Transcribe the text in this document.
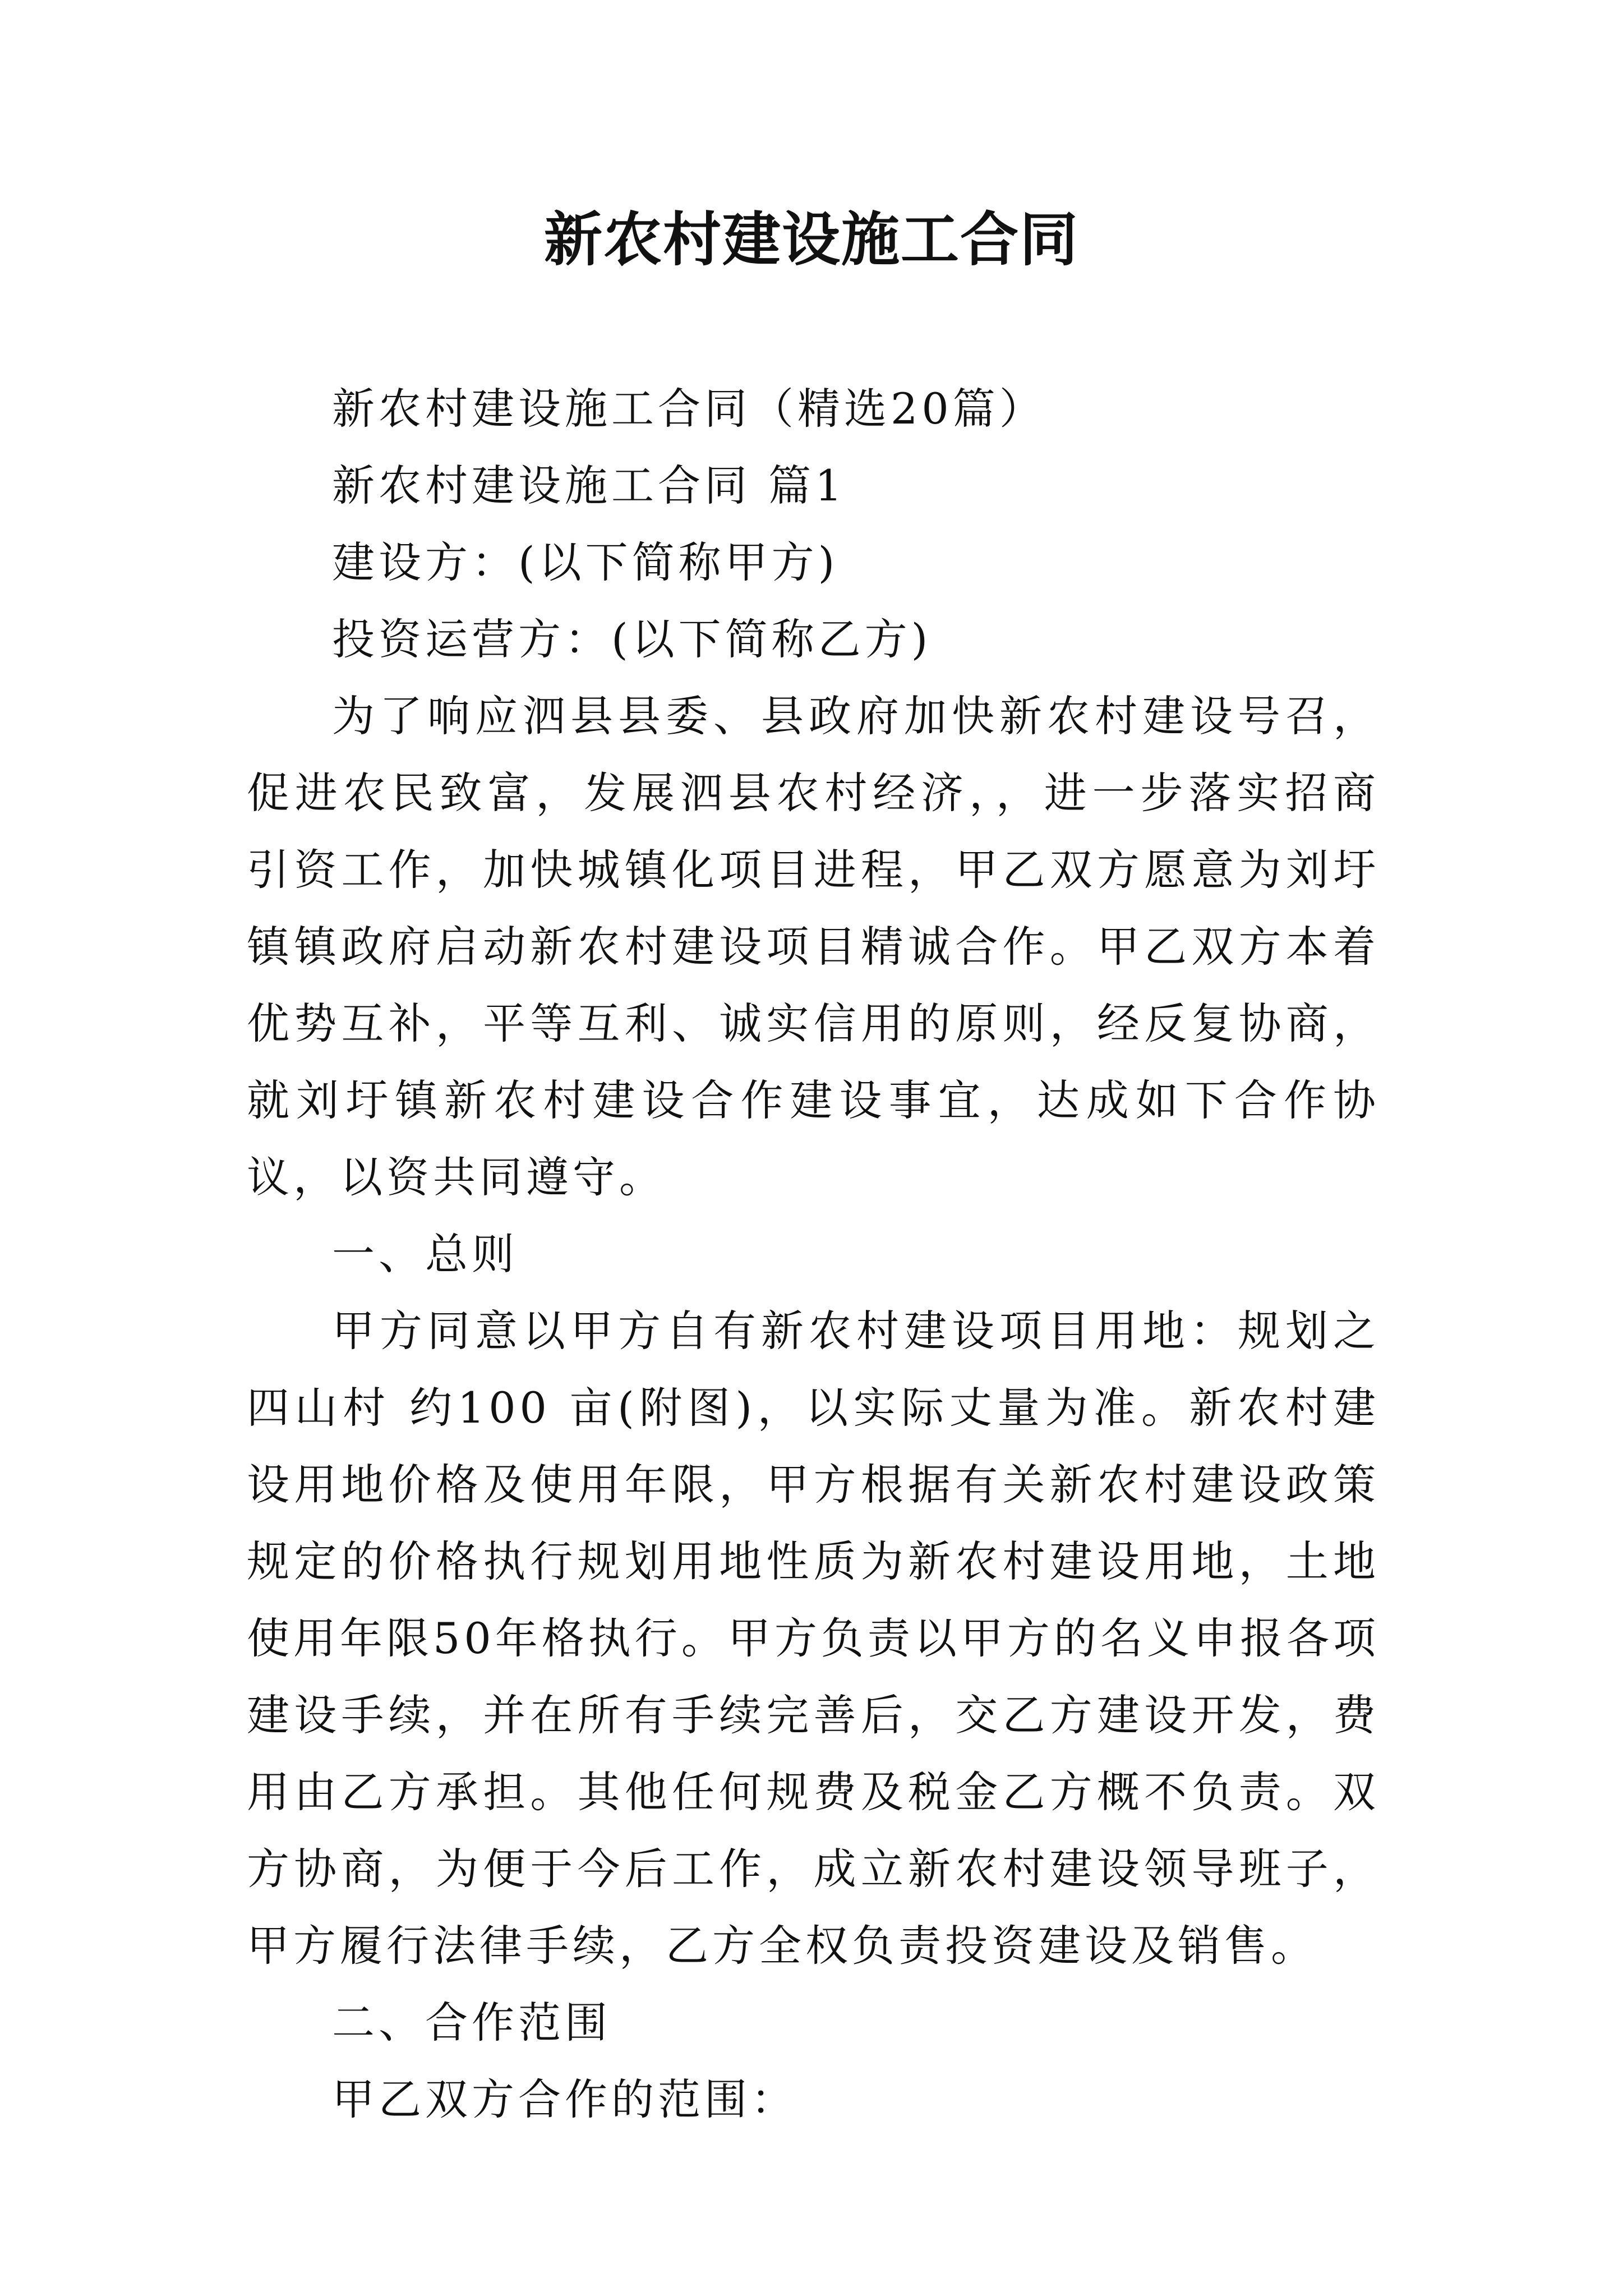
新农村建设施工合同

新农村建设施工合同（精选20篇）

新农村建设施工合同 篇1

建设方：(以下简称甲方)

投资运营方：(以下简称乙方)

为了响应泗县县委、县政府加快新农村建设号召，促进农民致富，发展泗县农村经济，，进一步落实招商引资工作，加快城镇化项目进程，甲乙双方愿意为刘圩镇镇政府启动新农村建设项目精诚合作。甲乙双方本着优势互补，平等互利、诚实信用的原则，经反复协商，就刘圩镇新农村建设合作建设事宜，达成如下合作协议，以资共同遵守。

一、总则

甲方同意以甲方自有新农村建设项目用地：规划之四山村 约100 亩(附图)，以实际丈量为准。新农村建设用地价格及使用年限，甲方根据有关新农村建设政策规定的价格执行规划用地性质为新农村建设用地，土地使用年限50年格执行。甲方负责以甲方的名义申报各项建设手续，并在所有手续完善后，交乙方建设开发，费用由乙方承担。其他任何规费及税金乙方概不负责。双方协商，为便于今后工作，成立新农村建设领导班子，甲方履行法律手续，乙方全权负责投资建设及销售。

二、合作范围

甲乙双方合作的范围：
